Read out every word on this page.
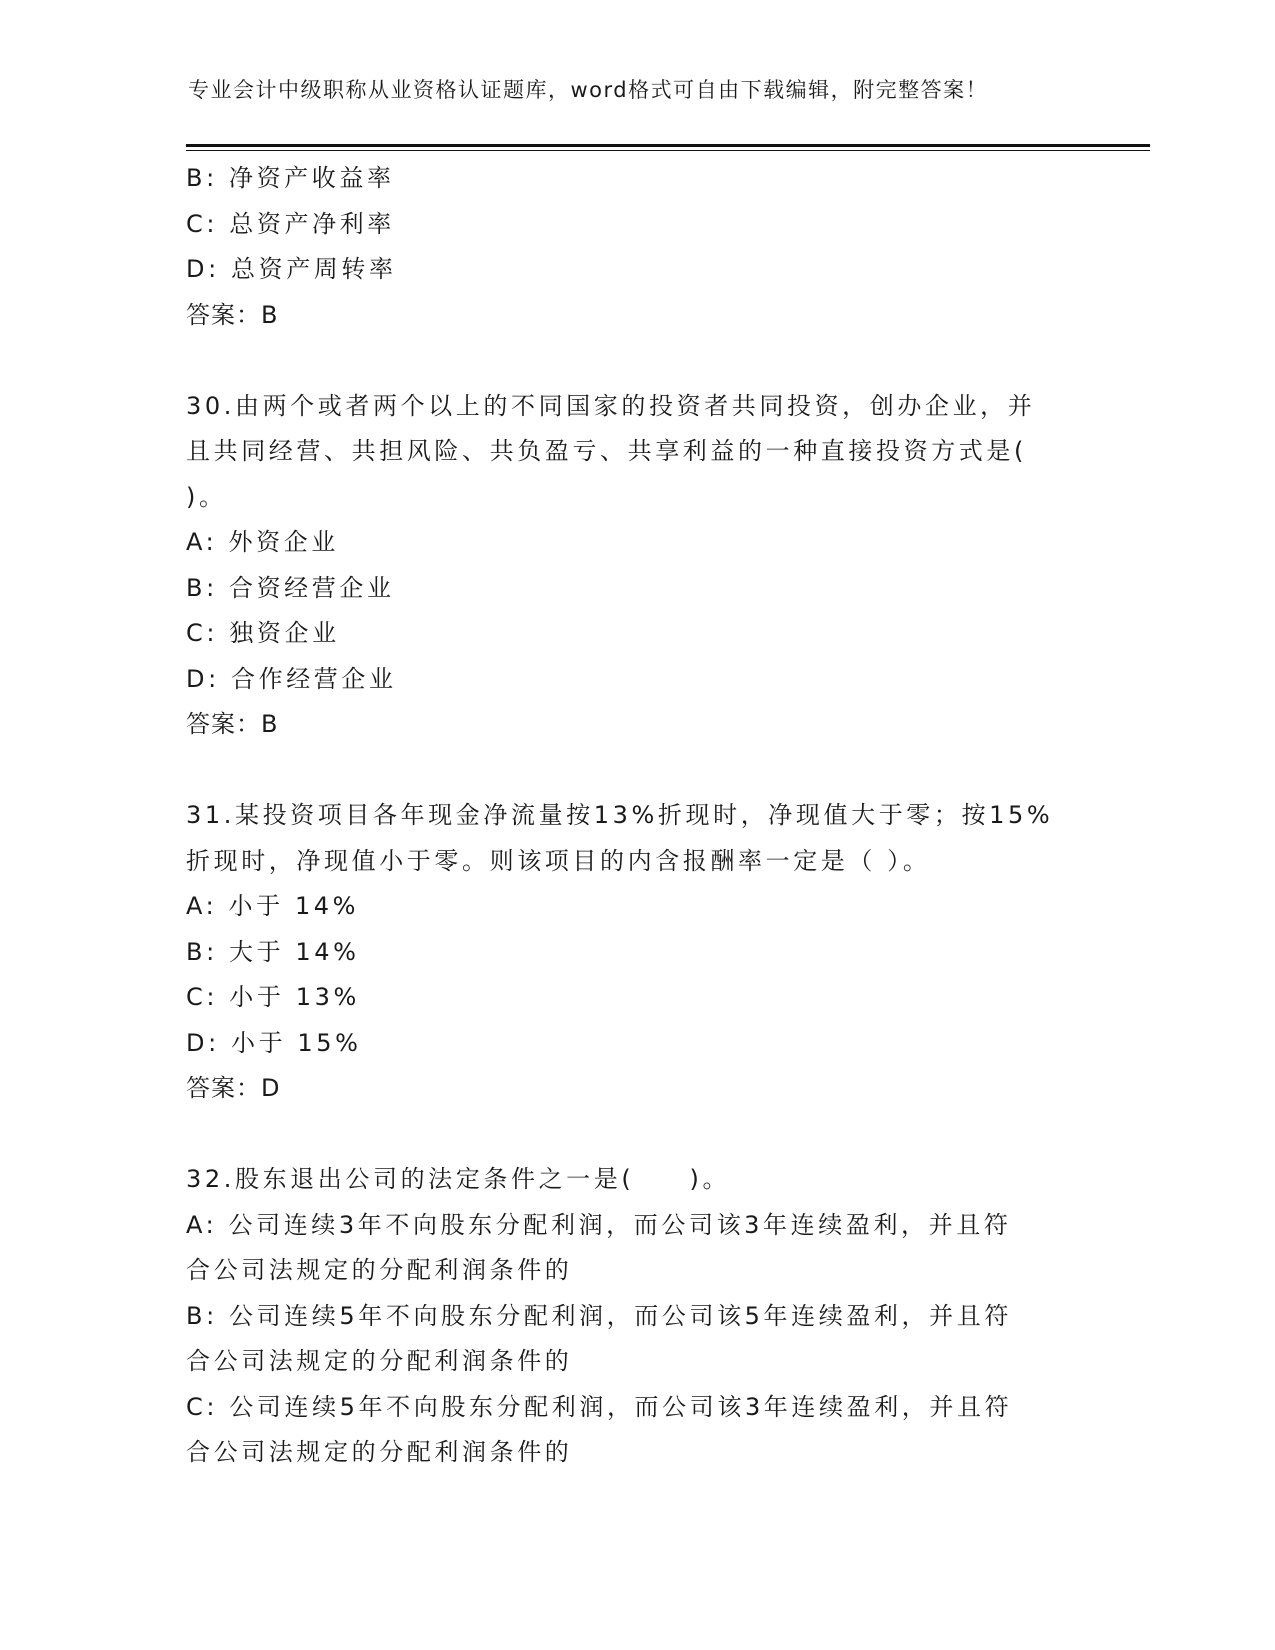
专业会计中级职称从业资格认证题库，word格式可自由下载编辑，附完整答案！
B: 净资产收益率
C: 总资产净利率
D: 总资产周转率
答案：B
30.由两个或者两个以上的不同国家的投资者共同投资，创办企业，并
且共同经营、共担风险、共负盈亏、共享利益的一种直接投资方式是(
)。
A: 外资企业
B: 合资经营企业
C: 独资企业
D: 合作经营企业
答案：B
31.某投资项目各年现金净流量按13%折现时，净现值大于零；按15%
折现时，净现值小于零。则该项目的内含报酬率一定是（ ）。
A: 小于 14%
B: 大于 14%
C: 小于 13%
D: 小于 15%
答案：D
32.股东退出公司的法定条件之一是(　　)。
A: 公司连续3年不向股东分配利润，而公司该3年连续盈利，并且符
合公司法规定的分配利润条件的
B: 公司连续5年不向股东分配利润，而公司该5年连续盈利，并且符
合公司法规定的分配利润条件的
C: 公司连续5年不向股东分配利润，而公司该3年连续盈利，并且符
合公司法规定的分配利润条件的
